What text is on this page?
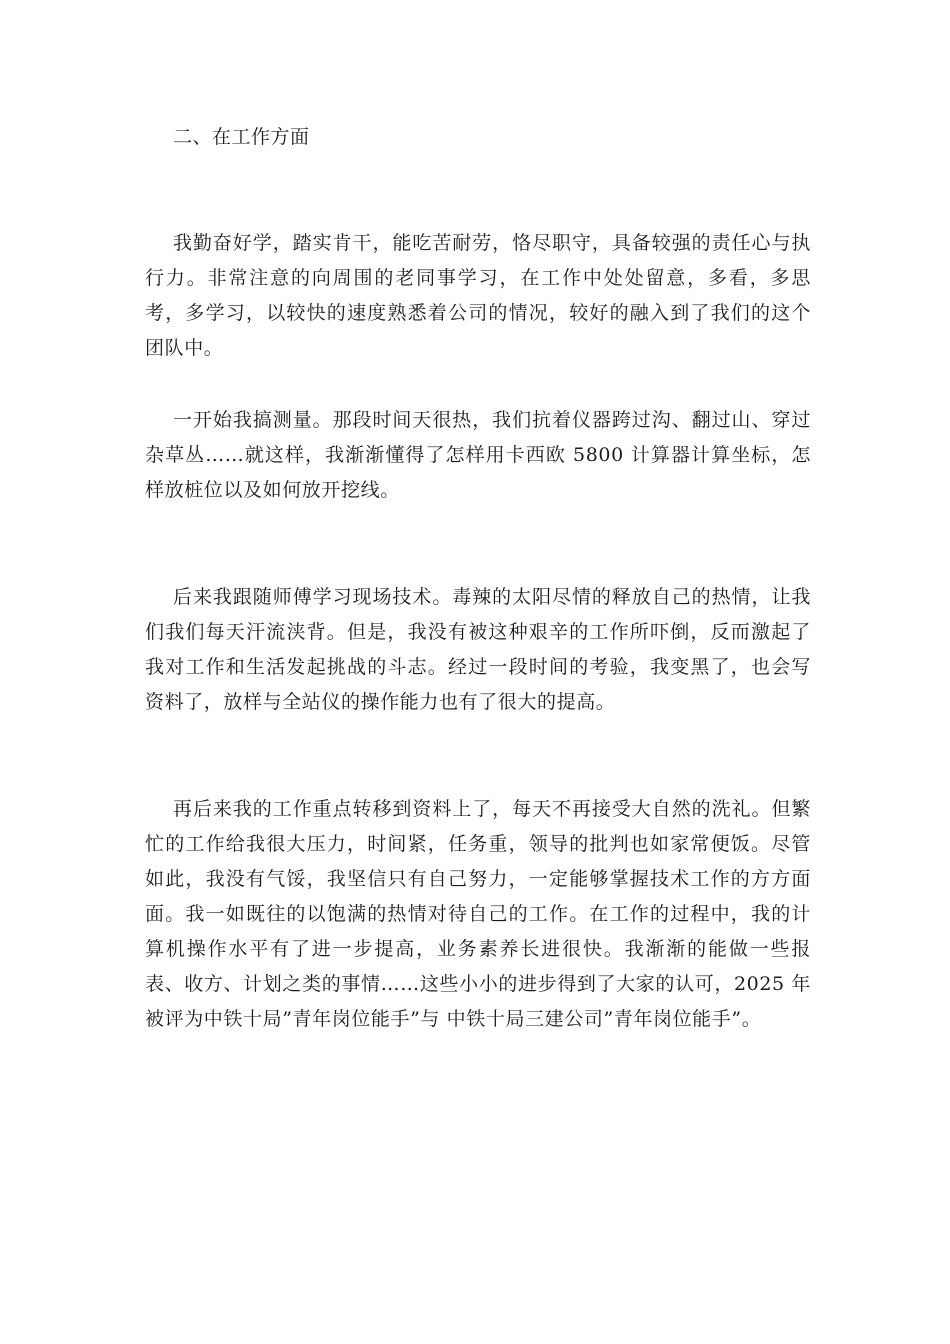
二、在工作方面

我勤奋好学，踏实肯干，能吃苦耐劳，恪尽职守，具备较强的责任心与执行力。非常注意的向周围的老同事学习，在工作中处处留意，多看，多思考，多学习，以较快的速度熟悉着公司的情况，较好的融入到了我们的这个团队中。

一开始我搞测量。那段时间天很热，我们抗着仪器跨过沟、翻过山、穿过杂草丛……就这样，我渐渐懂得了怎样用卡西欧 5800 计算器计算坐标，怎样放桩位以及如何放开挖线。

后来我跟随师傅学习现场技术。毒辣的太阳尽情的释放自己的热情，让我们我们每天汗流浃背。但是，我没有被这种艰辛的工作所吓倒，反而激起了我对工作和生活发起挑战的斗志。经过一段时间的考验，我变黑了，也会写资料了，放样与全站仪的操作能力也有了很大的提高。

再后来我的工作重点转移到资料上了，每天不再接受大自然的洗礼。但繁忙的工作给我很大压力，时间紧，任务重，领导的批判也如家常便饭。尽管如此，我没有气馁，我坚信只有自己努力，一定能够掌握技术工作的方方面面。我一如既往的以饱满的热情对待自己的工作。在工作的过程中，我的计算机操作水平有了进一步提高，业务素养长进很快。我渐渐的能做一些报表、收方、计划之类的事情……这些小小的进步得到了大家的认可，2025 年被评为中铁十局”青年岗位能手”与 中铁十局三建公司”青年岗位能手”。
